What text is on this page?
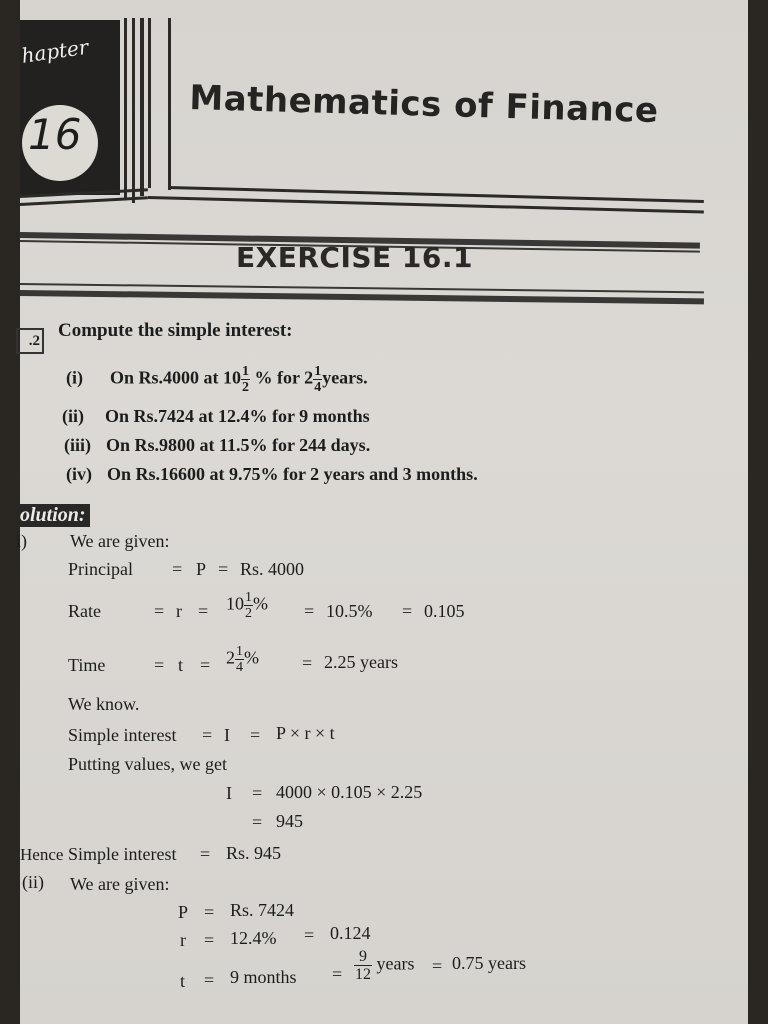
hapter
16
Mathematics of Finance
EXERCISE 16.1
.2 Compute the simple interest:
(i) On Rs.4000 at $10 \frac{1}{2}$ % for $2 \frac{1}{4}$ years.
(ii) On Rs.7424 at 12.4% for 9 months
(iii) On Rs.9800 at 11.5% for 244 days.
(iv) On Rs.16600 at 9.75% for 2 years and 3 months.
olution:
i) We are given:
Principal = P = Rs. 4000
Rate	= $r = 10 \frac{1}{2}$ % = 10.5% = 0.105
Time	= $t = 2 \frac{1}{4}$ % = 2.25 years
We know.
Simple interest = I = P × r × t
Putting values, we get
I = 4000 × 0.105 × 2.25
= 945
Hence Simple interest = Rs. 945
(ii) We are given:
P = Rs. 7424
r = 12.4% = 0.124
t = 9 months = $\frac{9}{12}$ years = 0.75 years
